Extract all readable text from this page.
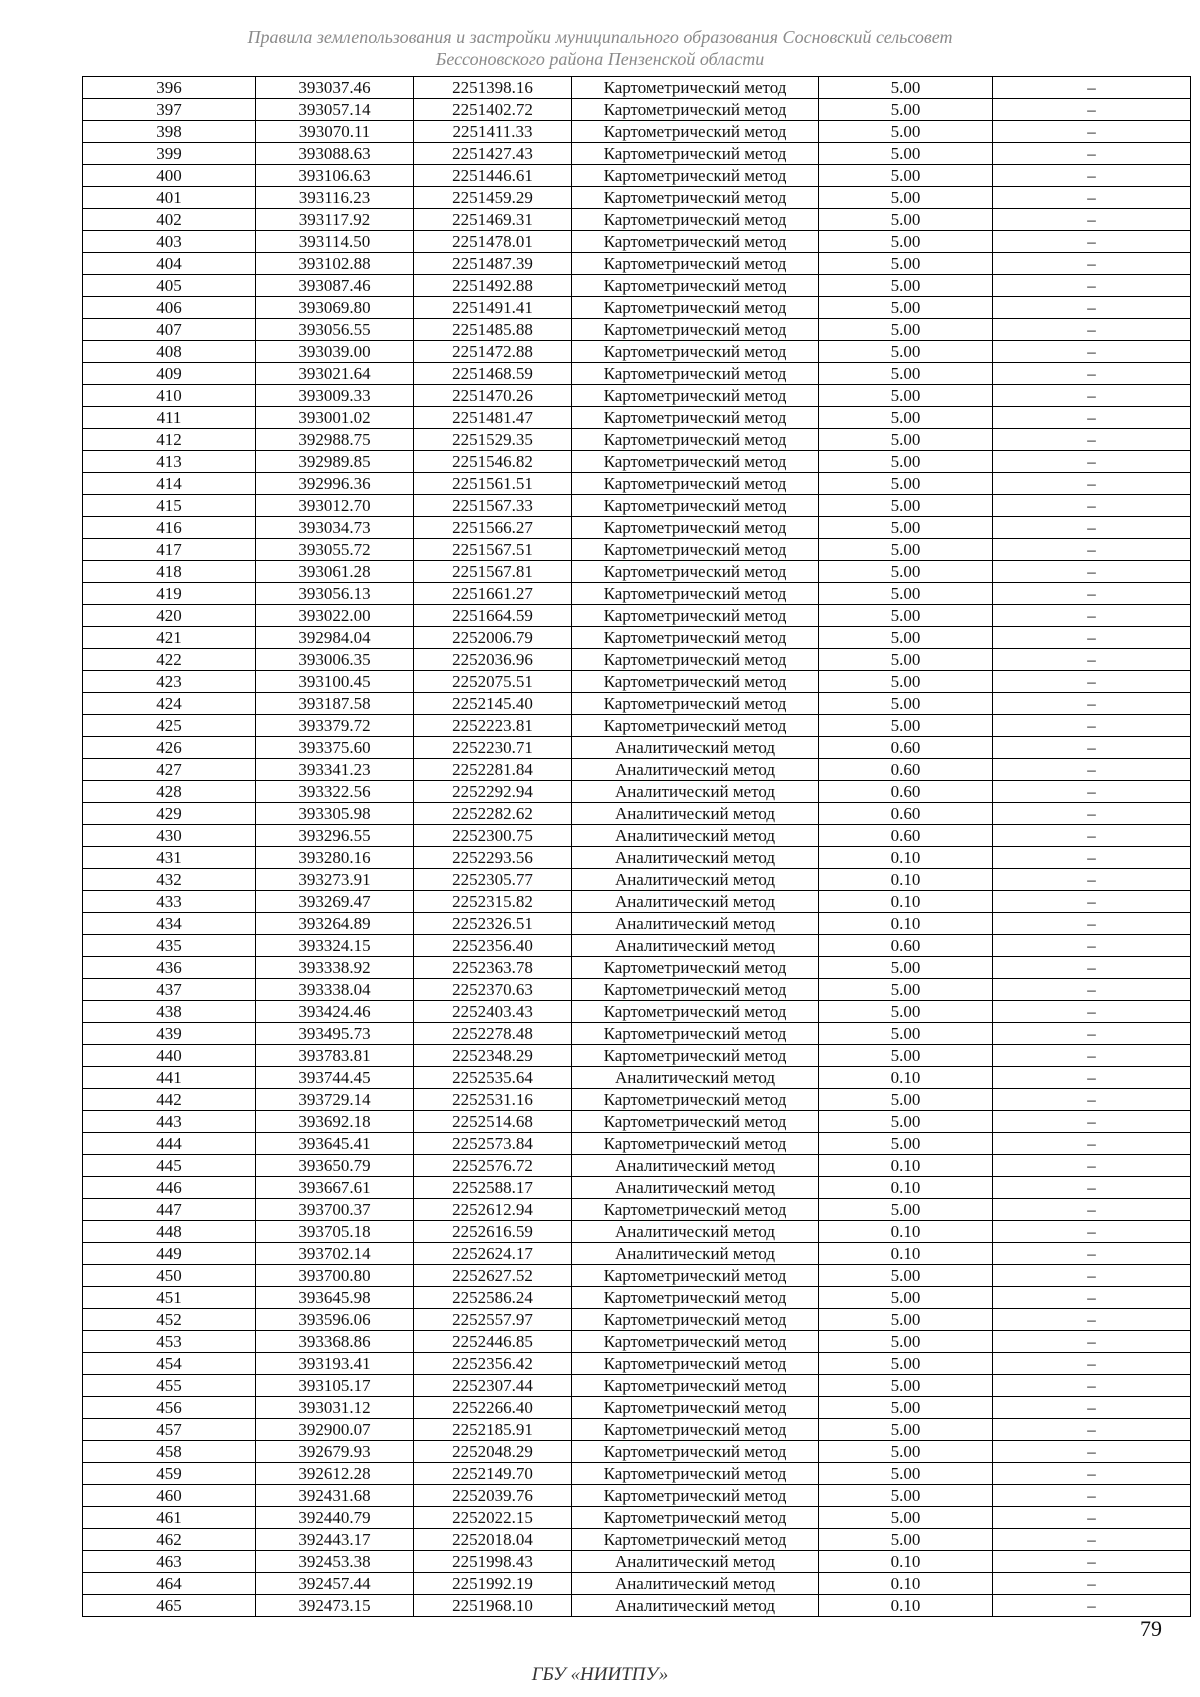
Правила землепользования и застройки муниципального образования Сосновский сельсовет
Бессоновского района Пензенской области
396	393037.46	2251398.16	Картометрический метод	5.00	–
397	393057.14	2251402.72	Картометрический метод	5.00	–
398	393070.11	2251411.33	Картометрический метод	5.00	–
399	393088.63	2251427.43	Картометрический метод	5.00	–
400	393106.63	2251446.61	Картометрический метод	5.00	–
401	393116.23	2251459.29	Картометрический метод	5.00	–
402	393117.92	2251469.31	Картометрический метод	5.00	–
403	393114.50	2251478.01	Картометрический метод	5.00	–
404	393102.88	2251487.39	Картометрический метод	5.00	–
405	393087.46	2251492.88	Картометрический метод	5.00	–
406	393069.80	2251491.41	Картометрический метод	5.00	–
407	393056.55	2251485.88	Картометрический метод	5.00	–
408	393039.00	2251472.88	Картометрический метод	5.00	–
409	393021.64	2251468.59	Картометрический метод	5.00	–
410	393009.33	2251470.26	Картометрический метод	5.00	–
411	393001.02	2251481.47	Картометрический метод	5.00	–
412	392988.75	2251529.35	Картометрический метод	5.00	–
413	392989.85	2251546.82	Картометрический метод	5.00	–
414	392996.36	2251561.51	Картометрический метод	5.00	–
415	393012.70	2251567.33	Картометрический метод	5.00	–
416	393034.73	2251566.27	Картометрический метод	5.00	–
417	393055.72	2251567.51	Картометрический метод	5.00	–
418	393061.28	2251567.81	Картометрический метод	5.00	–
419	393056.13	2251661.27	Картометрический метод	5.00	–
420	393022.00	2251664.59	Картометрический метод	5.00	–
421	392984.04	2252006.79	Картометрический метод	5.00	–
422	393006.35	2252036.96	Картометрический метод	5.00	–
423	393100.45	2252075.51	Картометрический метод	5.00	–
424	393187.58	2252145.40	Картометрический метод	5.00	–
425	393379.72	2252223.81	Картометрический метод	5.00	–
426	393375.60	2252230.71	Аналитический метод	0.60	–
427	393341.23	2252281.84	Аналитический метод	0.60	–
428	393322.56	2252292.94	Аналитический метод	0.60	–
429	393305.98	2252282.62	Аналитический метод	0.60	–
430	393296.55	2252300.75	Аналитический метод	0.60	–
431	393280.16	2252293.56	Аналитический метод	0.10	–
432	393273.91	2252305.77	Аналитический метод	0.10	–
433	393269.47	2252315.82	Аналитический метод	0.10	–
434	393264.89	2252326.51	Аналитический метод	0.10	–
435	393324.15	2252356.40	Аналитический метод	0.60	–
436	393338.92	2252363.78	Картометрический метод	5.00	–
437	393338.04	2252370.63	Картометрический метод	5.00	–
438	393424.46	2252403.43	Картометрический метод	5.00	–
439	393495.73	2252278.48	Картометрический метод	5.00	–
440	393783.81	2252348.29	Картометрический метод	5.00	–
441	393744.45	2252535.64	Аналитический метод	0.10	–
442	393729.14	2252531.16	Картометрический метод	5.00	–
443	393692.18	2252514.68	Картометрический метод	5.00	–
444	393645.41	2252573.84	Картометрический метод	5.00	–
445	393650.79	2252576.72	Аналитический метод	0.10	–
446	393667.61	2252588.17	Аналитический метод	0.10	–
447	393700.37	2252612.94	Картометрический метод	5.00	–
448	393705.18	2252616.59	Аналитический метод	0.10	–
449	393702.14	2252624.17	Аналитический метод	0.10	–
450	393700.80	2252627.52	Картометрический метод	5.00	–
451	393645.98	2252586.24	Картометрический метод	5.00	–
452	393596.06	2252557.97	Картометрический метод	5.00	–
453	393368.86	2252446.85	Картометрический метод	5.00	–
454	393193.41	2252356.42	Картометрический метод	5.00	–
455	393105.17	2252307.44	Картометрический метод	5.00	–
456	393031.12	2252266.40	Картометрический метод	5.00	–
457	392900.07	2252185.91	Картометрический метод	5.00	–
458	392679.93	2252048.29	Картометрический метод	5.00	–
459	392612.28	2252149.70	Картометрический метод	5.00	–
460	392431.68	2252039.76	Картометрический метод	5.00	–
461	392440.79	2252022.15	Картометрический метод	5.00	–
462	392443.17	2252018.04	Картометрический метод	5.00	–
463	392453.38	2251998.43	Аналитический метод	0.10	–
464	392457.44	2251992.19	Аналитический метод	0.10	–
465	392473.15	2251968.10	Аналитический метод	0.10	–
79
ГБУ «НИИТПУ»
